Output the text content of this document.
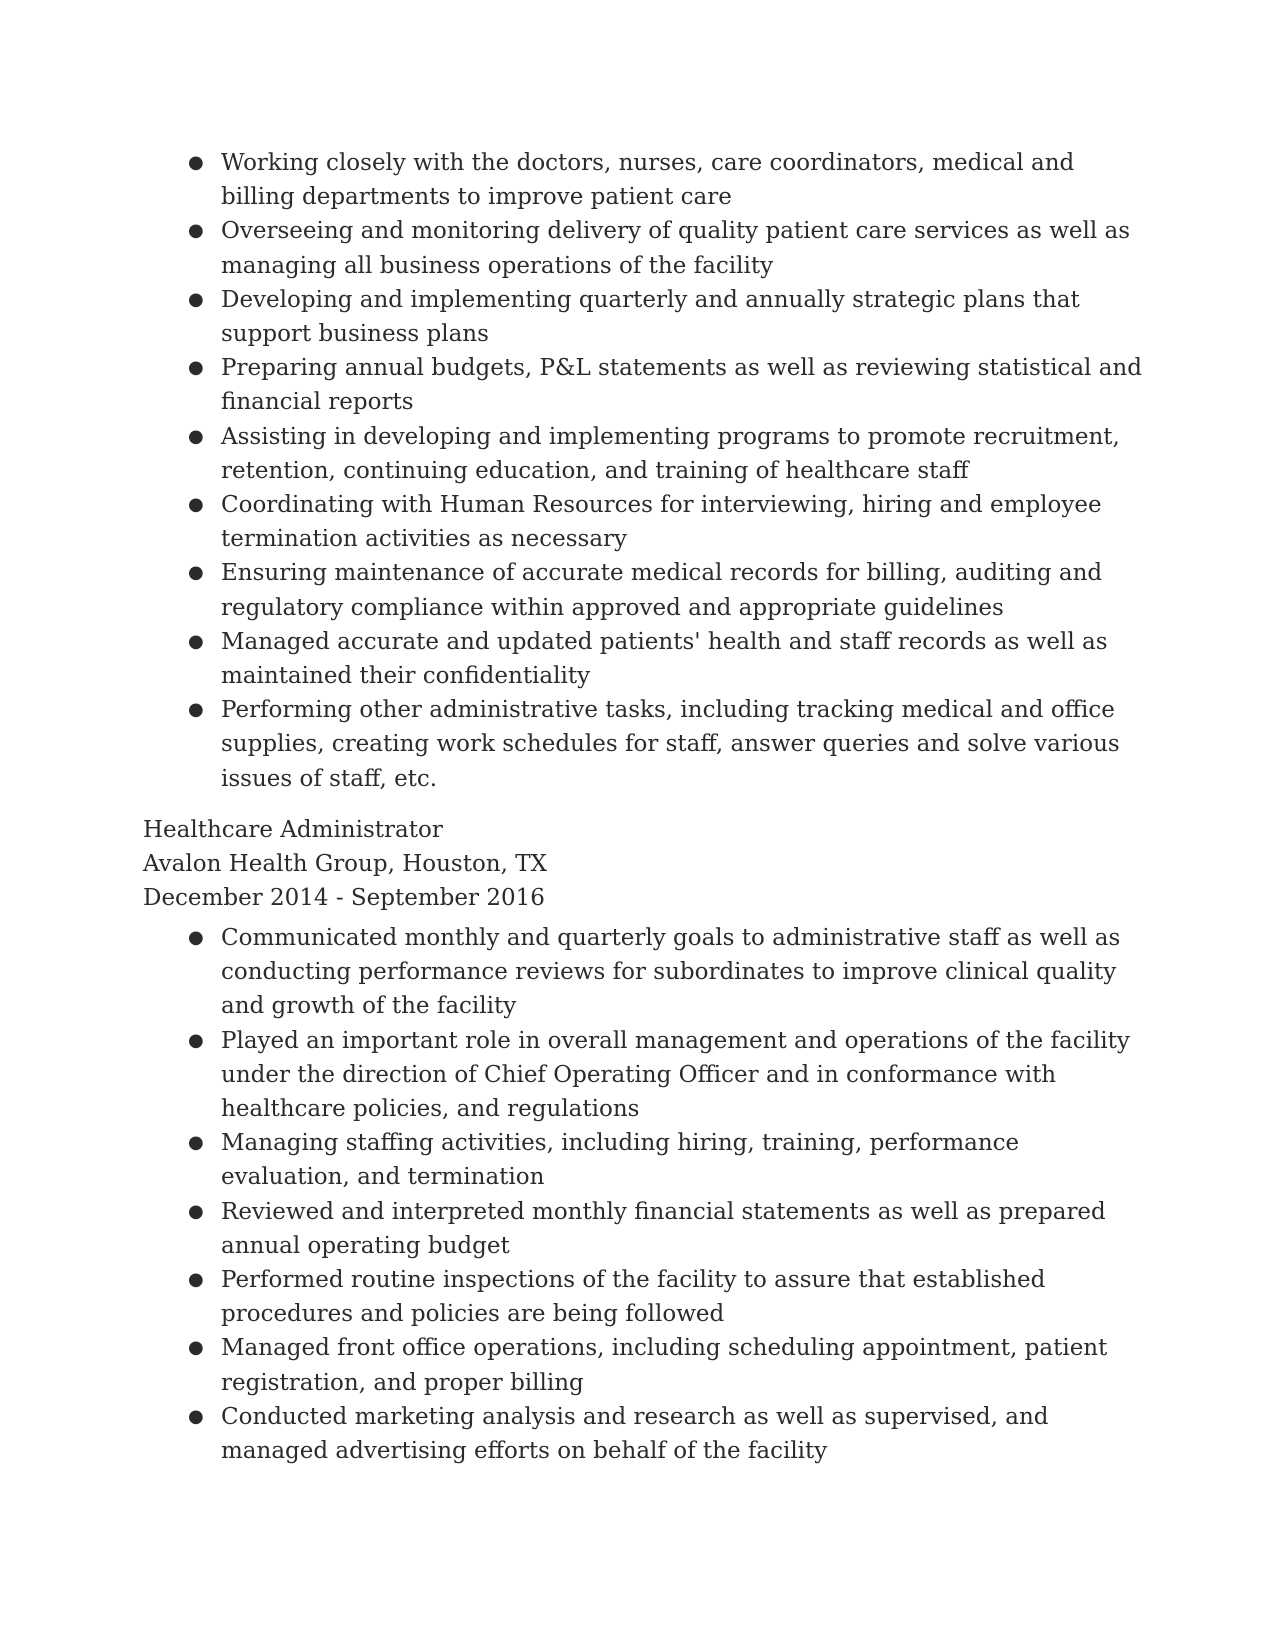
● Working closely with the doctors, nurses, care coordinators, medical and billing departments to improve patient care
● Overseeing and monitoring delivery of quality patient care services as well as managing all business operations of the facility
● Developing and implementing quarterly and annually strategic plans that support business plans
● Preparing annual budgets, P&L statements as well as reviewing statistical and financial reports
● Assisting in developing and implementing programs to promote recruitment, retention, continuing education, and training of healthcare staff
● Coordinating with Human Resources for interviewing, hiring and employee termination activities as necessary
● Ensuring maintenance of accurate medical records for billing, auditing and regulatory compliance within approved and appropriate guidelines
● Managed accurate and updated patients' health and staff records as well as maintained their confidentiality
● Performing other administrative tasks, including tracking medical and office supplies, creating work schedules for staff, answer queries and solve various issues of staff, etc.
Healthcare Administrator
Avalon Health Group, Houston, TX
December 2014 - September 2016
● Communicated monthly and quarterly goals to administrative staff as well as conducting performance reviews for subordinates to improve clinical quality and growth of the facility
● Played an important role in overall management and operations of the facility under the direction of Chief Operating Officer and in conformance with healthcare policies, and regulations
● Managing staffing activities, including hiring, training, performance evaluation, and termination
● Reviewed and interpreted monthly financial statements as well as prepared annual operating budget
● Performed routine inspections of the facility to assure that established procedures and policies are being followed
● Managed front office operations, including scheduling appointment, patient registration, and proper billing
● Conducted marketing analysis and research as well as supervised, and managed advertising efforts on behalf of the facility
